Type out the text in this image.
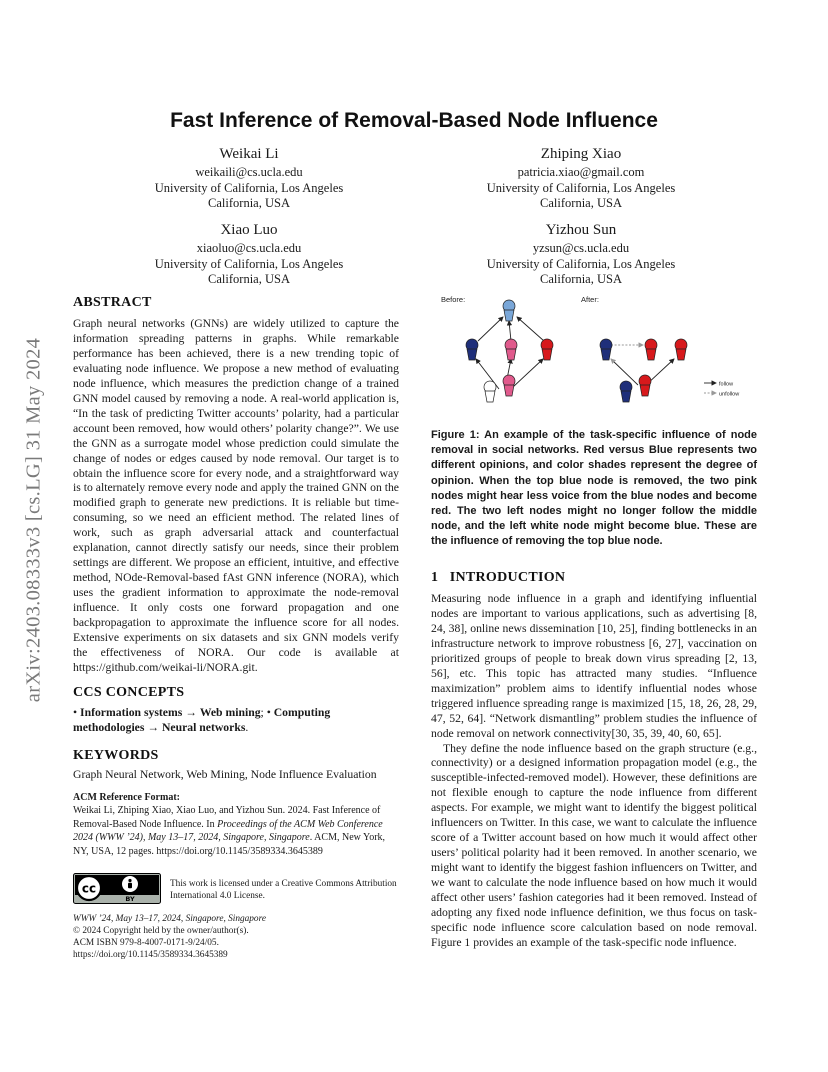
arXiv:2403.08333v3 [cs.LG] 31 May 2024
Fast Inference of Removal-Based Node Influence
Weikai Li
weikaili@cs.ucla.edu
University of California, Los Angeles
California, USA
Zhiping Xiao
patricia.xiao@gmail.com
University of California, Los Angeles
California, USA
Xiao Luo
xiaoluo@cs.ucla.edu
University of California, Los Angeles
California, USA
Yizhou Sun
yzsun@cs.ucla.edu
University of California, Los Angeles
California, USA
ABSTRACT

Graph neural networks (GNNs) are widely utilized to capture the information spreading patterns in graphs. While remarkable performance has been achieved, there is a new trending topic of evaluating node influence. We propose a new method of evaluating node influence, which measures the prediction change of a trained GNN model caused by removing a node. A real-world application is, “In the task of predicting Twitter accounts’ polarity, had a particular account been removed, how would others’ polarity change?”. We use the GNN as a surrogate model whose prediction could simulate the change of nodes or edges caused by node removal. Our target is to obtain the influence score for every node, and a straightforward way is to alternately remove every node and apply the trained GNN on the modified graph to generate new predictions. It is reliable but time-consuming, so we need an efficient method. The related lines of work, such as graph adversarial attack and counterfactual explanation, cannot directly satisfy our needs, since their problem settings are different. We propose an efficient, intuitive, and effective method, NOde-Removal-based fAst GNN inference (NORA), which uses the gradient information to approximate the node-removal influence. It only costs one forward propagation and one backpropagation to approximate the influence score for all nodes. Extensive experiments on six datasets and six GNN models verify the effectiveness of NORA. Our code is available at https://github.com/weikai-li/NORA.git.

CCS CONCEPTS
• Information systems → Web mining; • Computing methodologies → Neural networks.
KEYWORDS
Graph Neural Network, Web Mining, Node Influence Evaluation
ACM Reference Format:
Weikai Li, Zhiping Xiao, Xiao Luo, and Yizhou Sun. 2024. Fast Inference of Removal-Based Node Influence. In Proceedings of the ACM Web Conference 2024 (WWW ’24), May 13–17, 2024, Singapore, Singapore. ACM, New York, NY, USA, 12 pages. https://doi.org/10.1145/3589334.3645389
cc
BY
This work is licensed under a Creative Commons Attribution International 4.0 License.
WWW ’24, May 13–17, 2024, Singapore, Singapore
© 2024 Copyright held by the owner/author(s).
ACM ISBN 979-8-4007-0171-9/24/05.
https://doi.org/10.1145/3589334.3645389
Before:	After:
follow
unfollow
Figure 1: An example of the task-specific influence of node removal in social networks. Red versus Blue represents two different opinions, and color shades represent the degree of opinion. When the top blue node is removed, the two pink nodes might hear less voice from the blue nodes and become red. The two left nodes might no longer follow the middle node, and the left white node might become blue. These are the influence of removing the top blue node.
1 INTRODUCTION

Measuring node influence in a graph and identifying influential nodes are important to various applications, such as advertising [8, 24, 38], online news dissemination [10, 25], finding bottlenecks in an infrastructure network to improve robustness [6, 27], vaccination on prioritized groups of people to break down virus spreading [2, 13, 56], etc. This topic has attracted many studies. “Influence maximization” problem aims to identify influential nodes whose triggered influence spreading range is maximized [15, 18, 26, 28, 29, 47, 52, 64]. “Network dismantling” problem studies the influence of node removal on network connectivity[30, 35, 39, 40, 60, 65].

They define the node influence based on the graph structure (e.g., connectivity) or a designed information propagation model (e.g., the susceptible-infected-removed model). However, these definitions are not flexible enough to capture the node influence from different aspects. For example, we might want to identify the biggest political influencers on Twitter. In this case, we want to calculate the influence score of a Twitter account based on how much it would affect other users’ political polarity had it been removed. In another scenario, we might want to identify the biggest fashion influencers on Twitter, and we want to calculate the node influence based on how much it would affect other users’ fashion categories had it been removed. Instead of adopting any fixed node influence definition, we thus focus on task-specific node influence score calculation based on node removal. Figure 1 provides an example of the task-specific node influence.
